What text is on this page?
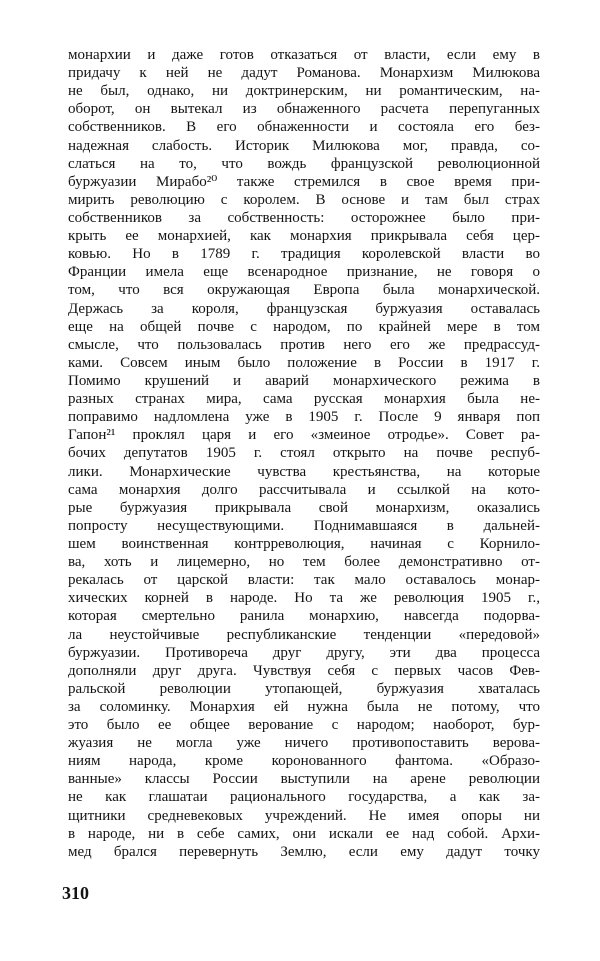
монархии и даже готов отказаться от власти, если ему в
придачу к ней не дадут Романова. Монархизм Милюкова
не был, однако, ни доктринерским, ни романтическим, на-
оборот, он вытекал из обнаженного расчета перепуганных
собственников. В его обнаженности и состояла его без-
надежная слабость. Историк Милюкова мог, правда, со-
слаться на то, что вождь французской революционной
буржуазии Мирабо²⁰ также стремился в свое время при-
мирить революцию с королем. В основе и там был страх
собственников за собственность: осторожнее было при-
крыть ее монархией, как монархия прикрывала себя цер-
ковью. Но в 1789 г. традиция королевской власти во
Франции имела еще всенародное признание, не говоря о
том, что вся окружающая Европа была монархической.
Держась за короля, французская буржуазия оставалась
еще на общей почве с народом, по крайней мере в том
смысле, что пользовалась против него его же предрассуд-
ками. Совсем иным было положение в России в 1917 г.
Помимо крушений и аварий монархического режима в
разных странах мира, сама русская монархия была не-
поправимо надломлена уже в 1905 г. После 9 января поп
Гапон²¹ проклял царя и его «змеиное отродье». Совет ра-
бочих депутатов 1905 г. стоял открыто на почве респуб-
лики. Монархические чувства крестьянства, на которые
сама монархия долго рассчитывала и ссылкой на кото-
рые буржуазия прикрывала свой монархизм, оказались
попросту несуществующими. Поднимавшаяся в дальней-
шем воинственная контрреволюция, начиная с Корнило-
ва, хоть и лицемерно, но тем более демонстративно от-
рекалась от царской власти: так мало оставалось монар-
хических корней в народе. Но та же революция 1905 г.,
которая смертельно ранила монархию, навсегда подорва-
ла неустойчивые республиканские тенденции «передовой»
буржуазии. Противореча друг другу, эти два процесса
дополняли друг друга. Чувствуя себя с первых часов Фев-
ральской революции утопающей, буржуазия хваталась
за соломинку. Монархия ей нужна была не потому, что
это было ее общее верование с народом; наоборот, бур-
жуазия не могла уже ничего противопоставить верова-
ниям народа, кроме коронованного фантома. «Образо-
ванные» классы России выступили на арене революции
не как глашатаи рационального государства, а как за-
щитники средневековых учреждений. Не имея опоры ни
в народе, ни в себе самих, они искали ее над собой. Архи-
мед брался перевернуть Землю, если ему дадут точку
310
